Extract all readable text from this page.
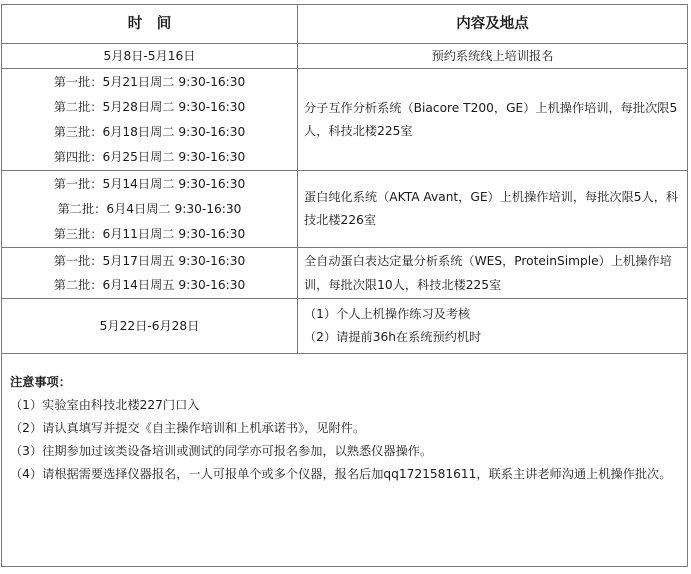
时　间	内容及地点

5月8日-5月16日	预约系统线上培训报名

第一批：5月21日周二 9:30-16:30
第二批：5月28日周二 9:30-16:30
第三批：6月18日周二 9:30-16:30
第四批：6月25日周二 9:30-16:30	分子互作分析系统（Biacore T200，GE）上机操作培训，每批次限5人，科技北楼225室

第一批：5月14日周二 9:30-16:30
第二批：6月4日周二 9:30-16:30
第三批：6月11日周二 9:30-16:30	蛋白纯化系统（AKTA Avant，GE）上机操作培训，每批次限5人，科技北楼226室

第一批：5月17日周五 9:30-16:30
第二批：6月14日周五 9:30-16:30	全自动蛋白表达定量分析系统（WES，ProteinSimple）上机操作培训，每批次限10人，科技北楼225室

5月22日-6月28日	（1）个人上机操作练习及考核
（2）请提前36h在系统预约机时

注意事项：
（1）实验室由科技北楼227门口入
（2）请认真填写并提交《自主操作培训和上机承诺书》，见附件。
（3）往期参加过该类设备培训或测试的同学亦可报名参加，以熟悉仪器操作。
（4）请根据需要选择仪器报名，一人可报单个或多个仪器，报名后加qq1721581611，联系主讲老师沟通上机操作批次。	
